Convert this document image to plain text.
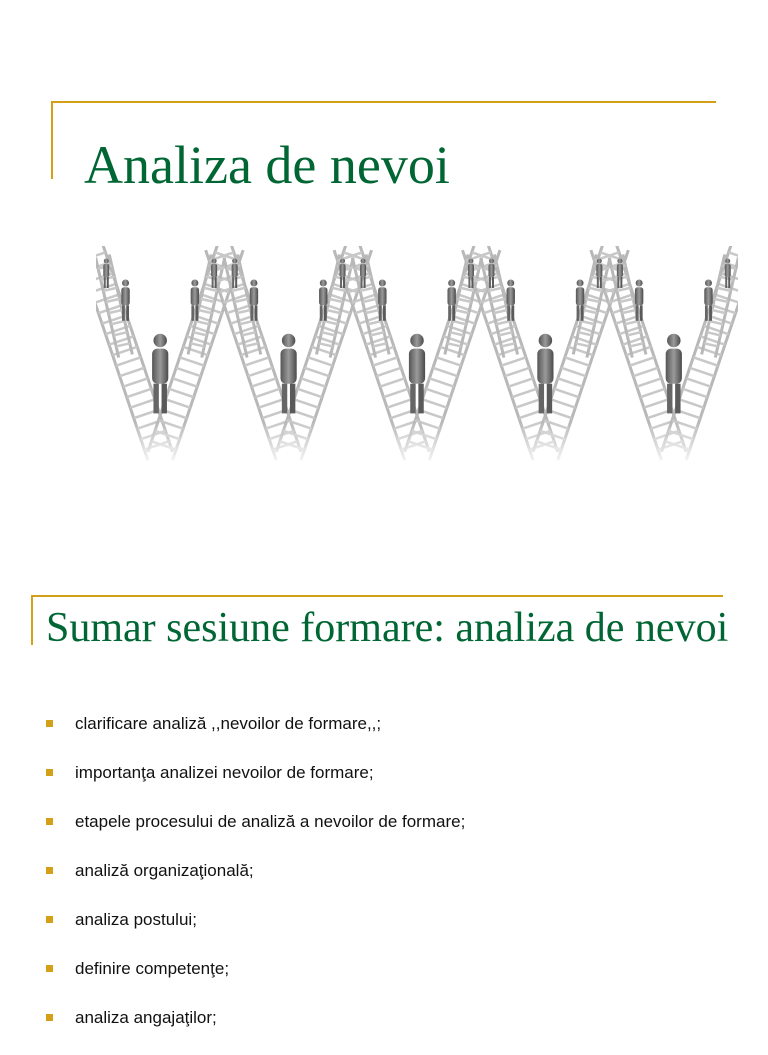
Analiza de nevoi
Sumar sesiune formare: analiza de nevoi
clarificare analiză ,,nevoilor de formare,,;
importanţa analizei nevoilor de formare;
etapele procesului de analiză a nevoilor de formare;
analiză organizaţională;
analiza postului;
definire competenţe;
analiza angajaţilor;
